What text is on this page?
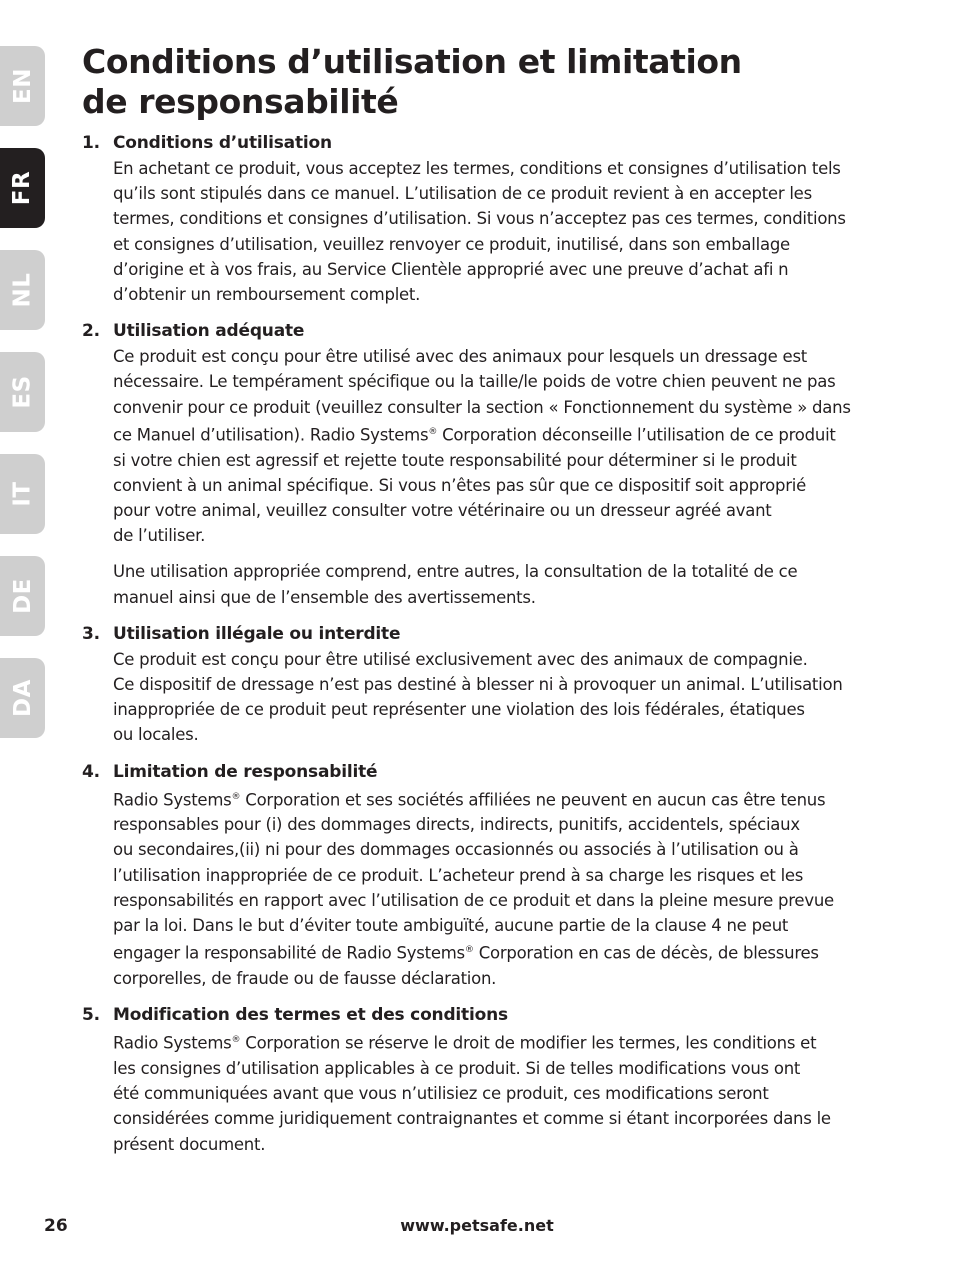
EN
FR
NL
ES
IT
DE
DA
Conditions d’utilisation et limitation
de responsabilité
1. Conditions d’utilisation

En achetant ce produit, vous acceptez les termes, conditions et consignes d’utilisation tels
qu’ils sont stipulés dans ce manuel. L’utilisation de ce produit revient à en accepter les
termes, conditions et consignes d’utilisation. Si vous n’acceptez pas ces termes, conditions
et consignes d’utilisation, veuillez renvoyer ce produit, inutilisé, dans son emballage
d’origine et à vos frais, au Service Clientèle approprié avec une preuve d’achat afi n
d’obtenir un remboursement complet.

2. Utilisation adéquate

Ce produit est conçu pour être utilisé avec des animaux pour lesquels un dressage est
nécessaire. Le tempérament spécifique ou la taille/le poids de votre chien peuvent ne pas
convenir pour ce produit (veuillez consulter la section « Fonctionnement du système » dans
ce Manuel d’utilisation). Radio Systems® Corporation déconseille l’utilisation de ce produit
si votre chien est agressif et rejette toute responsabilité pour déterminer si le produit
convient à un animal spécifique. Si vous n’êtes pas sûr que ce dispositif soit approprié
pour votre animal, veuillez consulter votre vétérinaire ou un dresseur agréé avant
de l’utiliser.

Une utilisation appropriée comprend, entre autres, la consultation de la totalité de ce
manuel ainsi que de l’ensemble des avertissements.

3. Utilisation illégale ou interdite

Ce produit est conçu pour être utilisé exclusivement avec des animaux de compagnie.
Ce dispositif de dressage n’est pas destiné à blesser ni à provoquer un animal. L’utilisation
inappropriée de ce produit peut représenter une violation des lois fédérales, étatiques
ou locales.

4. Limitation de responsabilité

Radio Systems® Corporation et ses sociétés affiliées ne peuvent en aucun cas être tenus
responsables pour (i) des dommages directs, indirects, punitifs, accidentels, spéciaux
ou secondaires,(ii) ni pour des dommages occasionnés ou associés à l’utilisation ou à
l’utilisation inappropriée de ce produit. L’acheteur prend à sa charge les risques et les
responsabilités en rapport avec l’utilisation de ce produit et dans la pleine mesure prevue
par la loi. Dans le but d’éviter toute ambiguïté, aucune partie de la clause 4 ne peut
engager la responsabilité de Radio Systems® Corporation en cas de décès, de blessures
corporelles, de fraude ou de fausse déclaration.

5. Modification des termes et des conditions

Radio Systems® Corporation se réserve le droit de modifier les termes, les conditions et
les consignes d’utilisation applicables à ce produit. Si de telles modifications vous ont
été communiquées avant que vous n’utilisiez ce produit, ces modifications seront
considérées comme juridiquement contraignantes et comme si étant incorporées dans le
présent document.

26	www.petsafe.net
